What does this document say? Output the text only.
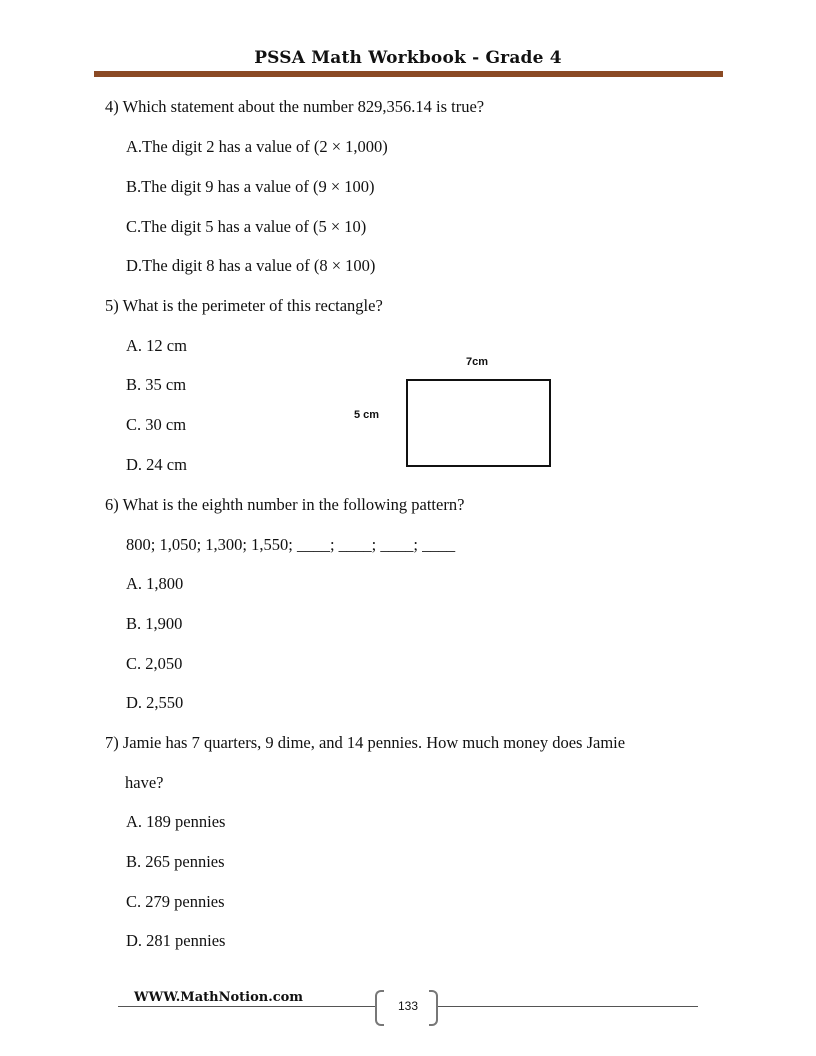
PSSA Math Workbook - Grade 4
4) Which statement about the number 829,356.14 is true?
A.The digit 2 has a value of (2 × 1,000)
B.The digit 9 has a value of (9 × 100)
C.The digit 5 has a value of (5 × 10)
D.The digit 8 has a value of (8 × 100)
5) What is the perimeter of this rectangle?
A. 12 cm
B. 35 cm
C. 30 cm
D. 24 cm
7cm
5 cm
6) What is the eighth number in the following pattern?
800; 1,050; 1,300; 1,550; ____; ____; ____; ____
A. 1,800
B. 1,900
C. 2,050
D. 2,550
7) Jamie has 7 quarters, 9 dime, and 14 pennies. How much money does Jamie
have?
A. 189 pennies
B. 265 pennies
C. 279 pennies
D. 281 pennies
WWW.MathNotion.com
133
